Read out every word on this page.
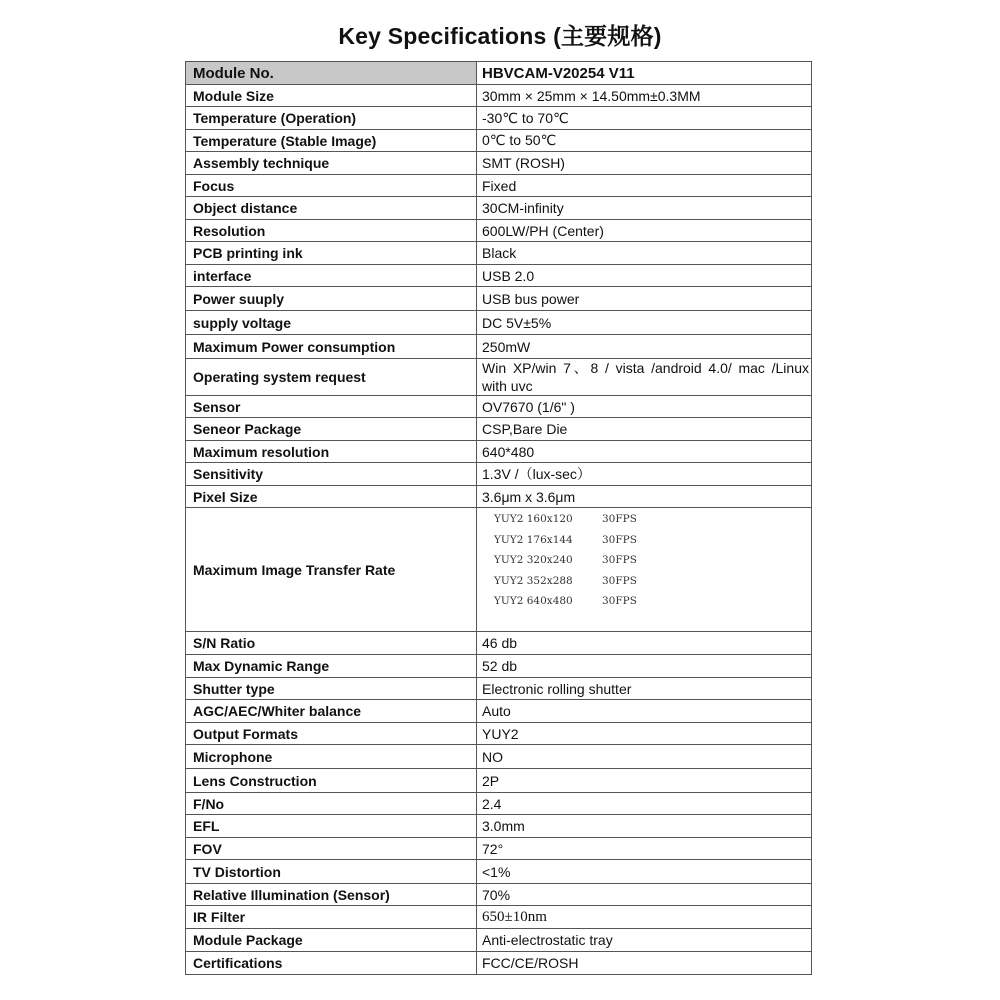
Key Specifications (主要规格)
Module No.	HBVCAM-V20254 V11
Module Size	30mm × 25mm × 14.50mm±0.3MM
Temperature (Operation)	-30℃ to 70℃
Temperature (Stable Image)	0℃ to 50℃
Assembly technique	SMT (ROSH)
Focus	Fixed
Object distance	30CM-infinity
Resolution	600LW/PH (Center)
PCB printing ink	Black
interface	USB 2.0
Power suuply	USB bus power
supply voltage	DC 5V±5%
Maximum Power consumption	250mW
Operating system request	Win XP/win 7、8 / vista /android 4.0/ mac /Linux with uvc
Sensor	OV7670 (1/6" )
Seneor Package	CSP,Bare Die
Maximum resolution	640*480
Sensitivity	1.3V /（lux-sec）
Pixel Size	3.6μm x 3.6μm
Maximum Image Transfer Rate	YUY2 160x120 30FPS
YUY2 176x144 30FPS
YUY2 320x240 30FPS
YUY2 352x288 30FPS
YUY2 640x480 30FPS

S/N Ratio	46 db
Max Dynamic Range	52 db
Shutter type	Electronic rolling shutter
AGC/AEC/Whiter balance	Auto
Output Formats	YUY2
Microphone	NO
Lens Construction	2P
F/No	2.4
EFL	3.0mm
FOV	72°
TV Distortion	<1%
Relative Illumination (Sensor)	70%
IR Filter	650±10nm
Module Package	Anti-electrostatic tray
Certifications	FCC/CE/ROSH
